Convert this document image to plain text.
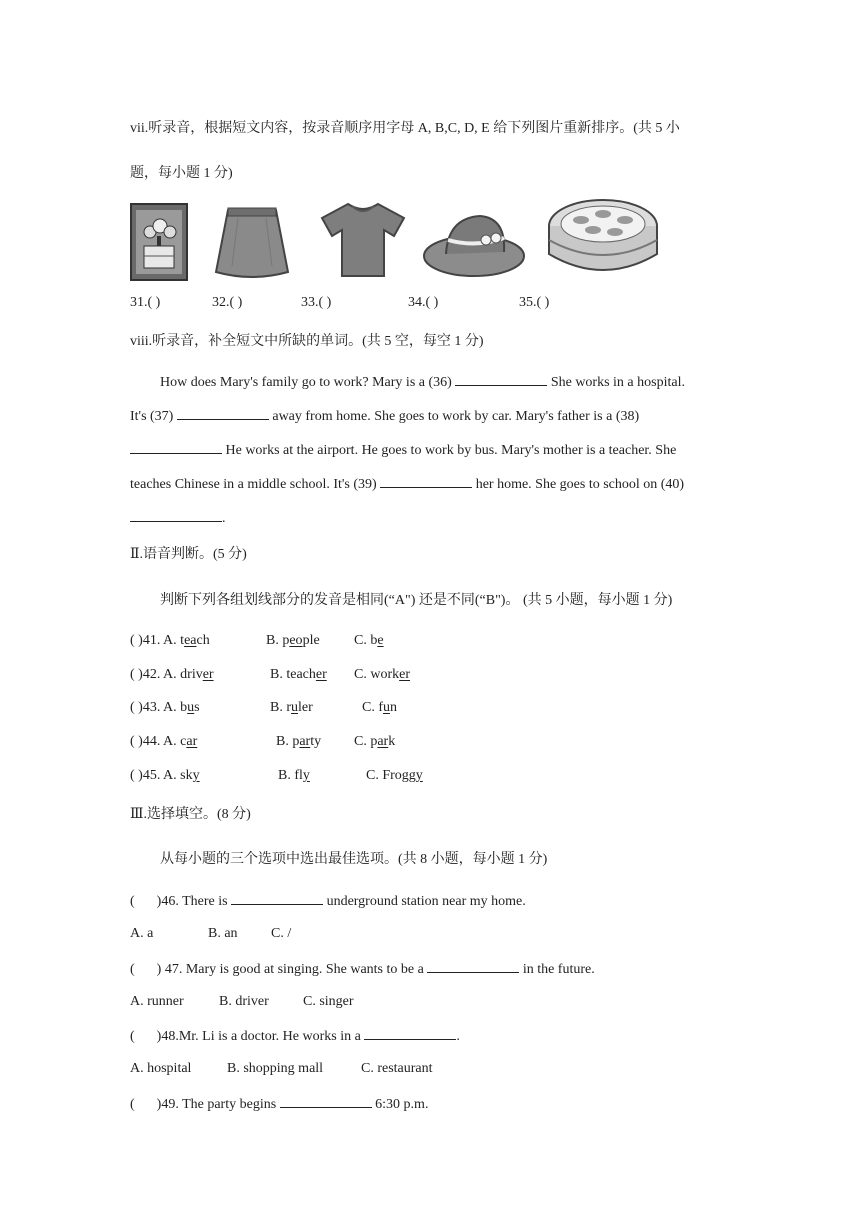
vii.听录音，根据短文内容，按录音顺序用字母 A, B,C, D, E 给下列图片重新排序。(共 5 小
题，每小题 1 分)
31.( )	32.( )	33.( )	34.( )	35.( )
viii.听录音，补全短文中所缺的单词。(共 5 空，每空 1 分)
How does Mary's family go to work? Mary is a (36)	She works in a hospital.
It's (37)	away from home. She goes to work by car. Mary's father is a (38)
He works at the airport. He goes to work by bus. Mary's mother is a teacher. She
teaches Chinese in a middle school. It's (39)	her home. She goes to school on (40)
.
Ⅱ.语音判断。(5 分)
判断下列各组划线部分的发音是相同(“A") 还是不同(“B")。 (共 5 小题，每小题 1 分)
( )41. A. teach	B. people C. be
( )42. A. driver	B. teacher C. worker
( )43. A. bus	B. ruler	C. fun
( )44. A. car	B. party C. park
( )45. A. sky	B. fly	C. Froggy
Ⅲ.选择填空。(8 分)
从每小题的三个选项中选出最佳选项。(共 8 小题，每小题 1 分)
( )46. There is	underground station near my home.
A. a	B. an C. /
( ) 47. Mary is good at singing. She wants to be a	in the future.
A. runner	B. driver C. singer
( )48.Mr. Li is a doctor. He works in a	.
A. hospital	B. shopping mall	C. restaurant
( )49. The party begins	6:30 p.m.
